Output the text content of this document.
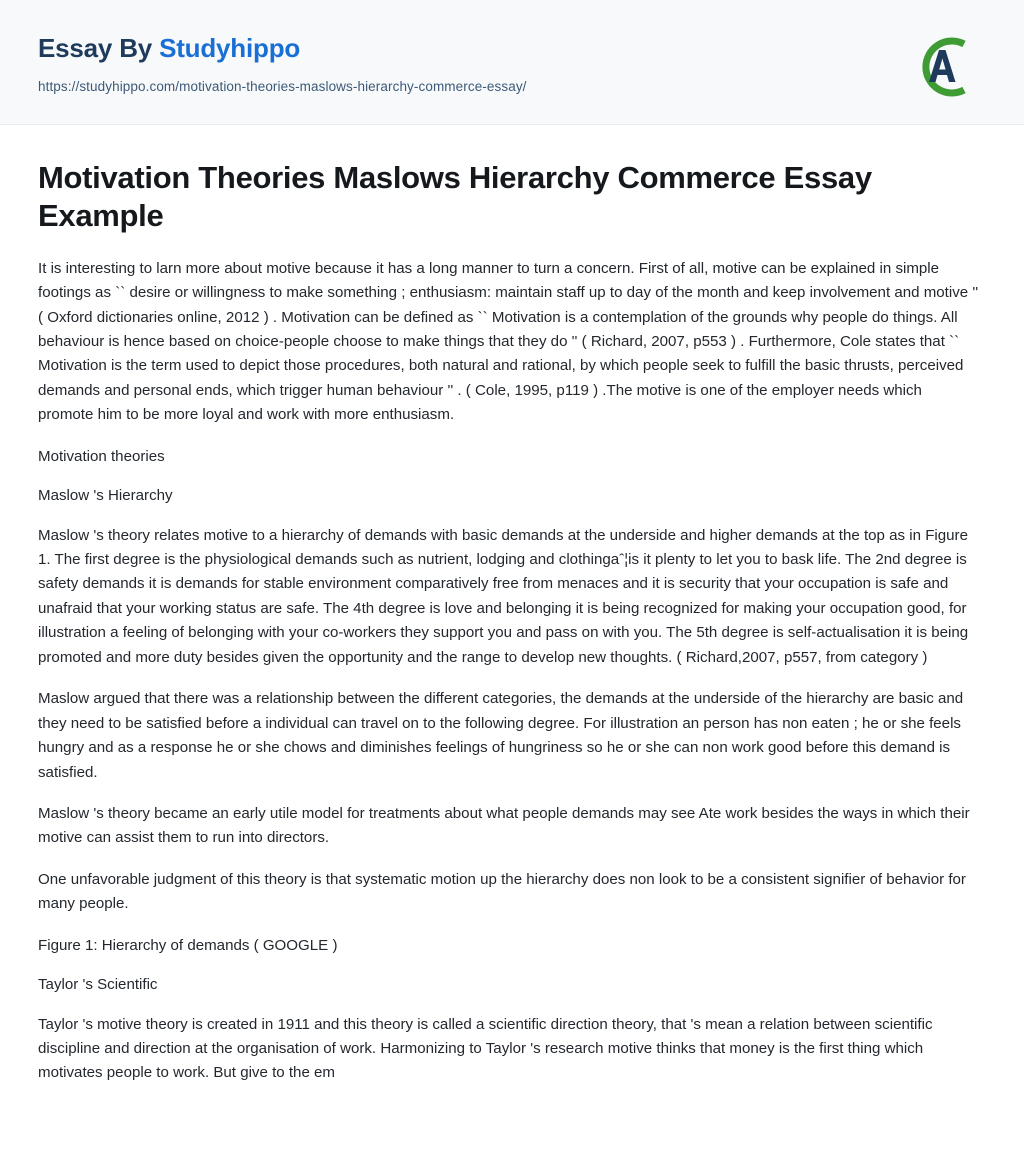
Essay By Studyhippo
https://studyhippo.com/motivation-theories-maslows-hierarchy-commerce-essay/
Motivation Theories Maslows Hierarchy Commerce Essay Example

It is interesting to larn more about motive because it has a long manner to turn a concern. First of all, motive can be explained in simple footings as `` desire or willingness to make something ; enthusiasm: maintain staff up to day of the month and keep involvement and motive '' ( Oxford dictionaries online, 2012 ) . Motivation can be defined as `` Motivation is a contemplation of the grounds why people do things. All behaviour is hence based on choice-people choose to make things that they do '' ( Richard, 2007, p553 ) . Furthermore, Cole states that `` Motivation is the term used to depict those procedures, both natural and rational, by which people seek to fulfill the basic thrusts, perceived demands and personal ends, which trigger human behaviour '' . ( Cole, 1995, p119 ) .The motive is one of the employer needs which promote him to be more loyal and work with more enthusiasm.

Motivation theories

Maslow 's Hierarchy

Maslow 's theory relates motive to a hierarchy of demands with basic demands at the underside and higher demands at the top as in Figure 1. The first degree is the physiological demands such as nutrient, lodging and clothingaˆ¦is it plenty to let you to bask life. The 2nd degree is safety demands it is demands for stable environment comparatively free from menaces and it is security that your occupation is safe and unafraid that your working status are safe. The 4th degree is love and belonging it is being recognized for making your occupation good, for illustration a feeling of belonging with your co-workers they support you and pass on with you. The 5th degree is self-actualisation it is being promoted and more duty besides given the opportunity and the range to develop new thoughts. ( Richard,2007, p557, from category )

Maslow argued that there was a relationship between the different categories, the demands at the underside of the hierarchy are basic and they need to be satisfied before a individual can travel on to the following degree. For illustration an person has non eaten ; he or she feels hungry and as a response he or she chows and diminishes feelings of hungriness so he or she can non work good before this demand is satisfied.

Maslow 's theory became an early utile model for treatments about what people demands may see Ate work besides the ways in which their motive can assist them to run into directors.

One unfavorable judgment of this theory is that systematic motion up the hierarchy does non look to be a consistent signifier of behavior for many people.

Figure 1: Hierarchy of demands ( GOOGLE )

Taylor 's Scientific

Taylor 's motive theory is created in 1911 and this theory is called a scientific direction theory, that 's mean a relation between scientific discipline and direction at the organisation of work. Harmonizing to Taylor 's research motive thinks that money is the first thing which motivates people to work. But give to the em
